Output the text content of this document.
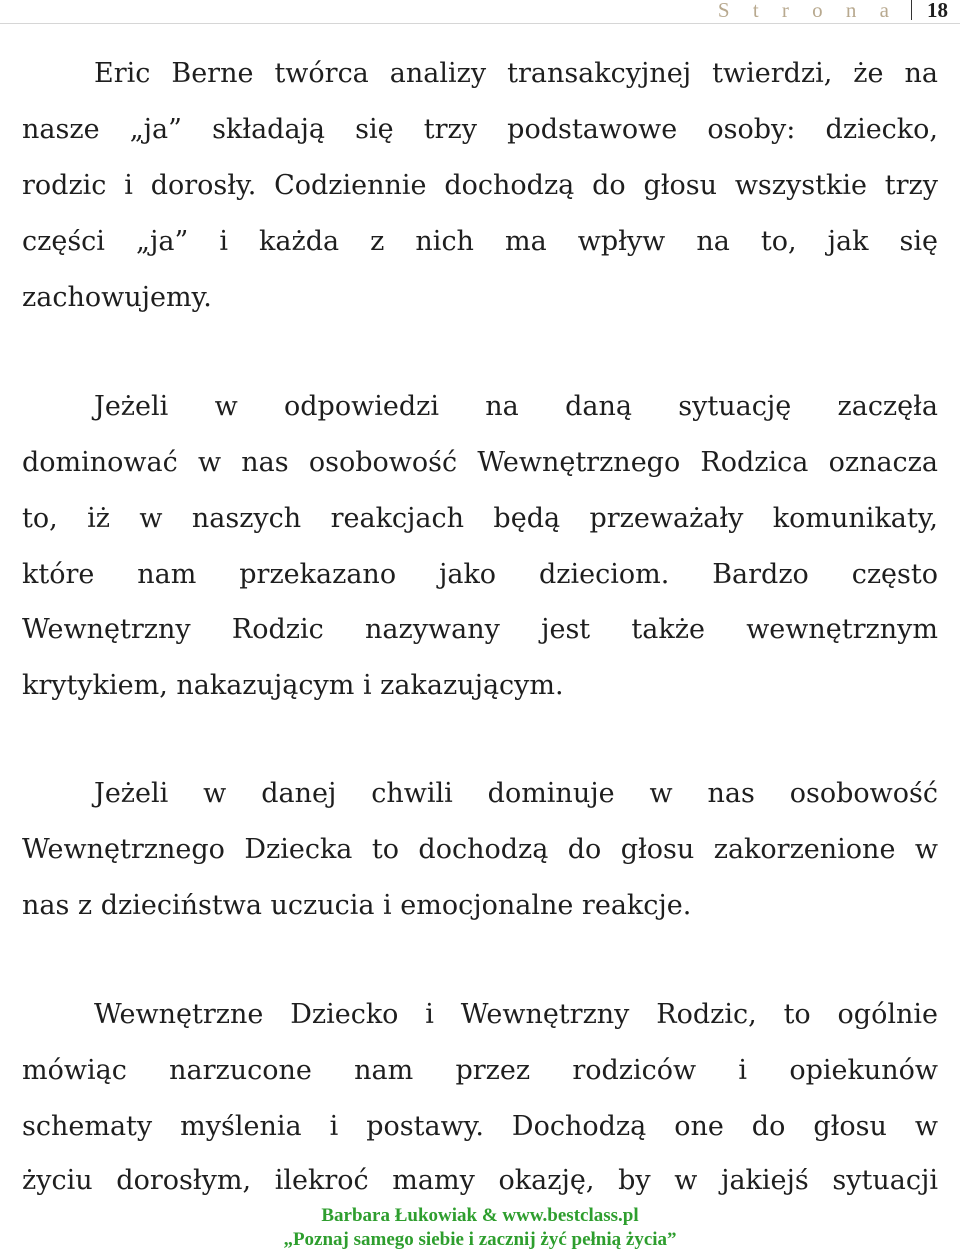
S t r o n a 18
Eric Berne twórca analizy transakcyjnej twierdzi, że na
nasze „ja” składają się trzy podstawowe osoby: dziecko,
rodzic i dorosły. Codziennie dochodzą do głosu wszystkie trzy
części „ja” i każda z nich ma wpływ na to, jak się
zachowujemy.
Jeżeli w odpowiedzi na daną sytuację zaczęła
dominować w nas osobowość Wewnętrznego Rodzica oznacza
to, iż w naszych reakcjach będą przeważały komunikaty,
które nam przekazano jako dzieciom. Bardzo często
Wewnętrzny Rodzic nazywany jest także wewnętrznym
krytykiem, nakazującym i zakazującym.
Jeżeli w danej chwili dominuje w nas osobowość
Wewnętrznego Dziecka to dochodzą do głosu zakorzenione w
nas z dzieciństwa uczucia i emocjonalne reakcje.
Wewnętrzne Dziecko i Wewnętrzny Rodzic, to ogólnie
mówiąc narzucone nam przez rodziców i opiekunów
schematy myślenia i postawy. Dochodzą one do głosu w
życiu dorosłym, ilekroć mamy okazję, by w jakiejś sytuacji
Barbara Łukowiak & www.bestclass.pl
„Poznaj samego siebie i zacznij żyć pełnią życia”
